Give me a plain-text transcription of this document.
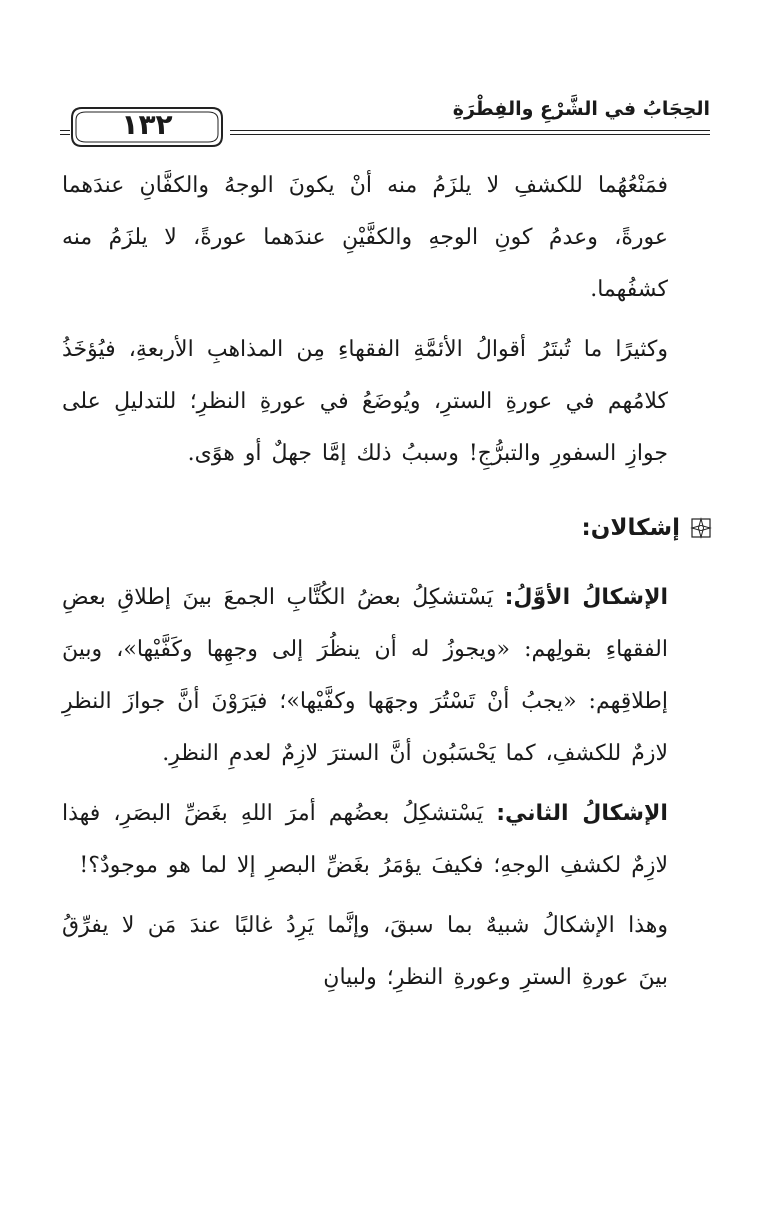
الحِجَابُ في الشَّرْعِ والفِطْرَةِ
١٣٢

فمَنْعُهُما للكشفِ لا يلزَمُ منه أنْ يكونَ الوجهُ والكفَّانِ عندَهما عورةً، وعدمُ كونِ الوجهِ والكفَّيْنِ عندَهما عورةً، لا يلزَمُ منه كشفُهما.

وكثيرًا ما تُبتَرُ أقوالُ الأئمَّةِ الفقهاءِ مِن المذاهبِ الأربعةِ، فيُؤخَذُ كلامُهم في عورةِ السترِ، ويُوضَعُ في عورةِ النظرِ؛ للتدليلِ على جوازِ السفورِ والتبرُّجِ! وسببُ ذلك إمَّا جهلٌ أو هوًى.

إشكالان:

الإشكالُ الأوَّلُ: يَسْتشكِلُ بعضُ الكُتَّابِ الجمعَ بينَ إطلاقِ بعضِ الفقهاءِ بقولِهم: «ويجوزُ له أن ينظُرَ إلى وجهِها وكَفَّيْها»، وبينَ إطلاقِهم: «يجبُ أنْ تَسْتُرَ وجهَها وكفَّيْها»؛ فيَرَوْنَ أنَّ جوازَ النظرِ لازمٌ للكشفِ، كما يَحْسَبُون أنَّ السترَ لازِمٌ لعدمِ النظرِ.

الإشكالُ الثاني: يَسْتشكِلُ بعضُهم أمرَ اللهِ بغَضِّ البصَرِ، فهذا لازِمٌ لكشفِ الوجهِ؛ فكيفَ يؤمَرُ بغَضِّ البصرِ إلا لما هو موجودٌ؟!

وهذا الإشكالُ شبيهٌ بما سبقَ، وإنَّما يَرِدُ غالبًا عندَ مَن لا يفرِّقُ بينَ عورةِ السترِ وعورةِ النظرِ؛ ولبيانِ
